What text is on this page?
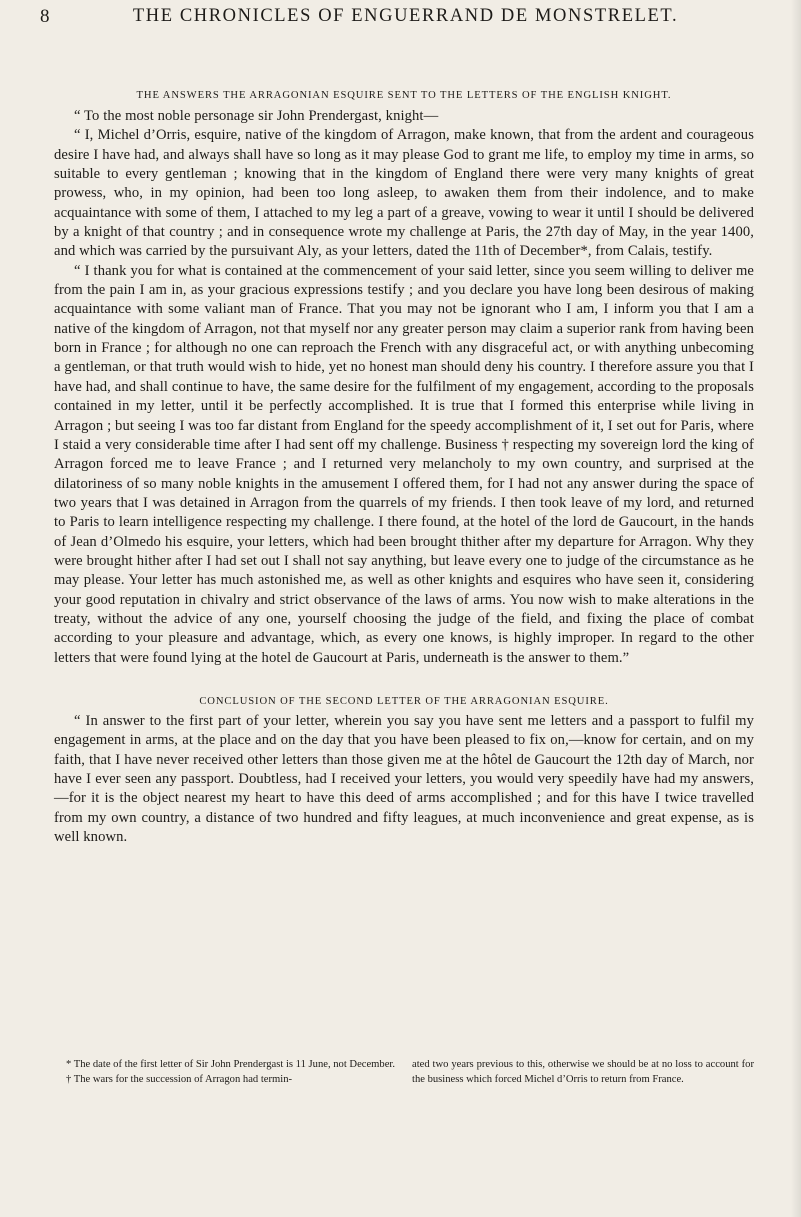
8	THE CHRONICLES OF ENGUERRAND DE MONSTRELET.
THE ANSWERS THE ARRAGONIAN ESQUIRE SENT TO THE LETTERS OF THE ENGLISH KNIGHT.

“ To the most noble personage sir John Prendergast, knight—

“ I, Michel d’Orris, esquire, native of the kingdom of Arragon, make known, that from the ardent and courageous desire I have had, and always shall have so long as it may please God to grant me life, to employ my time in arms, so suitable to every gentleman ; knowing that in the kingdom of England there were very many knights of great prowess, who, in my opinion, had been too long asleep, to awaken them from their indolence, and to make acquaintance with some of them, I attached to my leg a part of a greave, vowing to wear it until I should be delivered by a knight of that country ; and in consequence wrote my challenge at Paris, the 27th day of May, in the year 1400, and which was carried by the pursuivant Aly, as your letters, dated the 11th of December*, from Calais, testify.

“ I thank you for what is contained at the commencement of your said letter, since you seem willing to deliver me from the pain I am in, as your gracious expressions testify ; and you declare you have long been desirous of making acquaintance with some valiant man of France. That you may not be ignorant who I am, I inform you that I am a native of the kingdom of Arragon, not that myself nor any greater person may claim a superior rank from having been born in France ; for although no one can reproach the French with any disgraceful act, or with anything unbecoming a gentleman, or that truth would wish to hide, yet no honest man should deny his country. I therefore assure you that I have had, and shall continue to have, the same desire for the fulfilment of my engagement, according to the proposals contained in my letter, until it be perfectly accomplished. It is true that I formed this enterprise while living in Arragon ; but seeing I was too far distant from England for the speedy accomplishment of it, I set out for Paris, where I staid a very considerable time after I had sent off my challenge. Business † respecting my sovereign lord the king of Arragon forced me to leave France ; and I returned very melancholy to my own country, and surprised at the dilatoriness of so many noble knights in the amusement I offered them, for I had not any answer during the space of two years that I was detained in Arragon from the quarrels of my friends. I then took leave of my lord, and returned to Paris to learn intelligence respecting my challenge. I there found, at the hotel of the lord de Gaucourt, in the hands of Jean d’Olmedo his esquire, your letters, which had been brought thither after my departure for Arragon. Why they were brought hither after I had set out I shall not say anything, but leave every one to judge of the circumstance as he may please. Your letter has much astonished me, as well as other knights and esquires who have seen it, considering your good reputation in chivalry and strict observance of the laws of arms. You now wish to make alterations in the treaty, without the advice of any one, yourself choosing the judge of the field, and fixing the place of combat according to your pleasure and advantage, which, as every one knows, is highly improper. In regard to the other letters that were found lying at the hotel de Gaucourt at Paris, underneath is the answer to them.”

CONCLUSION OF THE SECOND LETTER OF THE ARRAGONIAN ESQUIRE.

“ In answer to the first part of your letter, wherein you say you have sent me letters and a passport to fulfil my engagement in arms, at the place and on the day that you have been pleased to fix on,—know for certain, and on my faith, that I have never received other letters than those given me at the hôtel de Gaucourt the 12th day of March, nor have I ever seen any passport. Doubtless, had I received your letters, you would very speedily have had my answers,—for it is the object nearest my heart to have this deed of arms accomplished ; and for this have I twice travelled from my own country, a distance of two hundred and fifty leagues, at much inconvenience and great expense, as is well known.

* The date of the first letter of Sir John Prendergast is 11 June, not December.

† The wars for the succession of Arragon had termin-

ated two years previous to this, otherwise we should be at no loss to account for the business which forced Michel d’Orris to return from France.
